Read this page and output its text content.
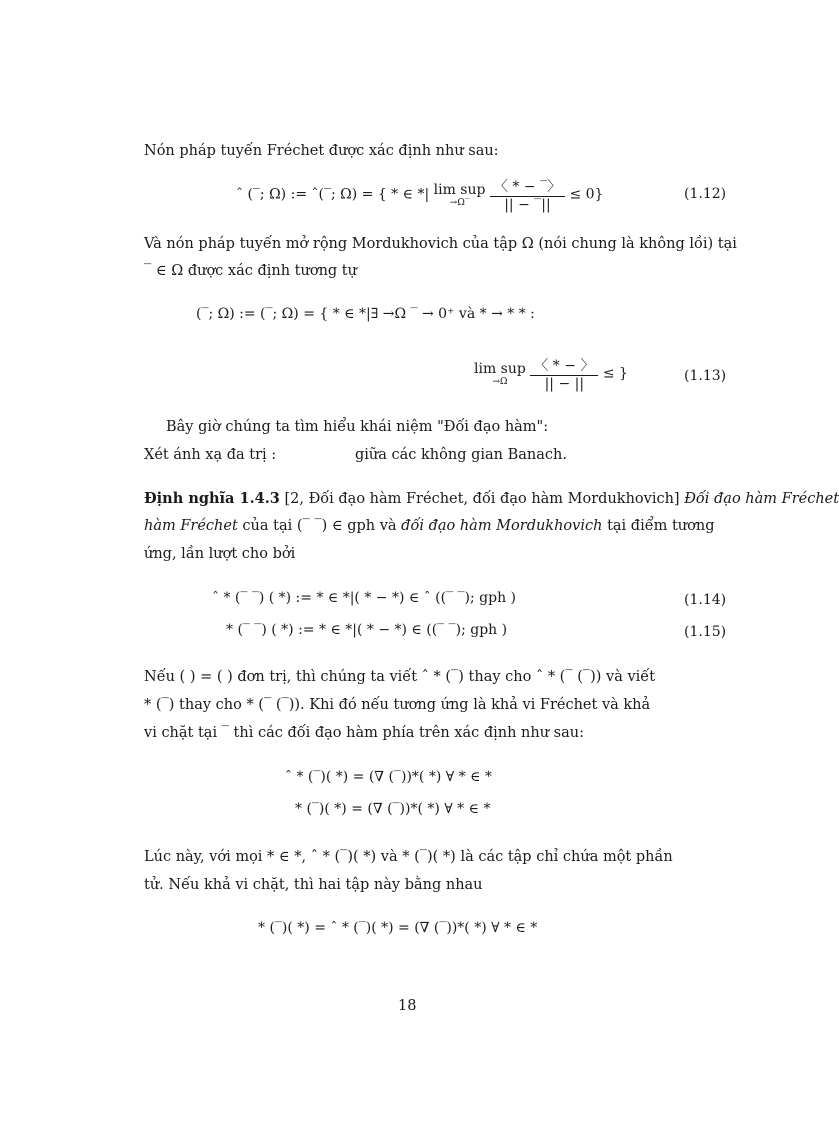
Nón pháp tuyến Fréchet được xác định như sau:
ˆ (‾; Ω) := ˆ(‾; Ω) = { * ∈ *| lim sup
→Ω‾
	$\frac{〈 * - ‾〉}{|| - ‾||} \le 0$}	(1.12)
Và nón pháp tuyến mở rộng Mordukhovich của tập Ω (nói chung là không lồi) tại
‾ ∈ Ω được xác định tương tự
(‾; Ω) := (‾; Ω) = { * ∈ *|∃ →Ω ‾ → 0⁺ và * → * * :
lim sup
→Ω
	$\frac{〈 * - 〉}{|| - ||}$ ≤ }	(1.13)
Bây giờ chúng ta tìm hiểu khái niệm "Đối đạo hàm":
Xét ánh xạ đa trị :	giữa các không gian Banach.
Định nghĩa 1.4.3 [2, Đối đạo hàm Fréchet, đối đạo hàm Mordukhovich] Đối đạo hàm Fréchet
hàm Fréchet của tại (‾ ‾) ∈ gph và đối đạo hàm Mordukhovich tại điểm tương
ứng, lần lượt cho bởi
ˆ * (‾ ‾) ( *) := * ∈ *|( * − *) ∈ ˆ ((‾ ‾); gph )	(1.14)
* (‾ ‾) ( *) := * ∈ *|( * − *) ∈ ((‾ ‾); gph )	(1.15)
Nếu ( ) = ( ) đơn trị, thì chúng ta viết ˆ * (‾) thay cho ˆ * (‾ (‾)) và viết
* (‾) thay cho * (‾ (‾)). Khi đó nếu tương ứng là khả vi Fréchet và khả
vi chặt tại ‾ thì các đối đạo hàm phía trên xác định như sau:
ˆ * (‾)( *) = (∇ (‾))*( *) ∀ * ∈ *
* (‾)( *) = (∇ (‾))*( *) ∀ * ∈ *
Lúc này, với mọi * ∈ *, ˆ * (‾)( *) và * (‾)( *) là các tập chỉ chứa một phần
tử. Nếu khả vi chặt, thì hai tập này bằng nhau
* (‾)( *) = ˆ * (‾)( *) = (∇ (‾))*( *) ∀ * ∈ *
18
